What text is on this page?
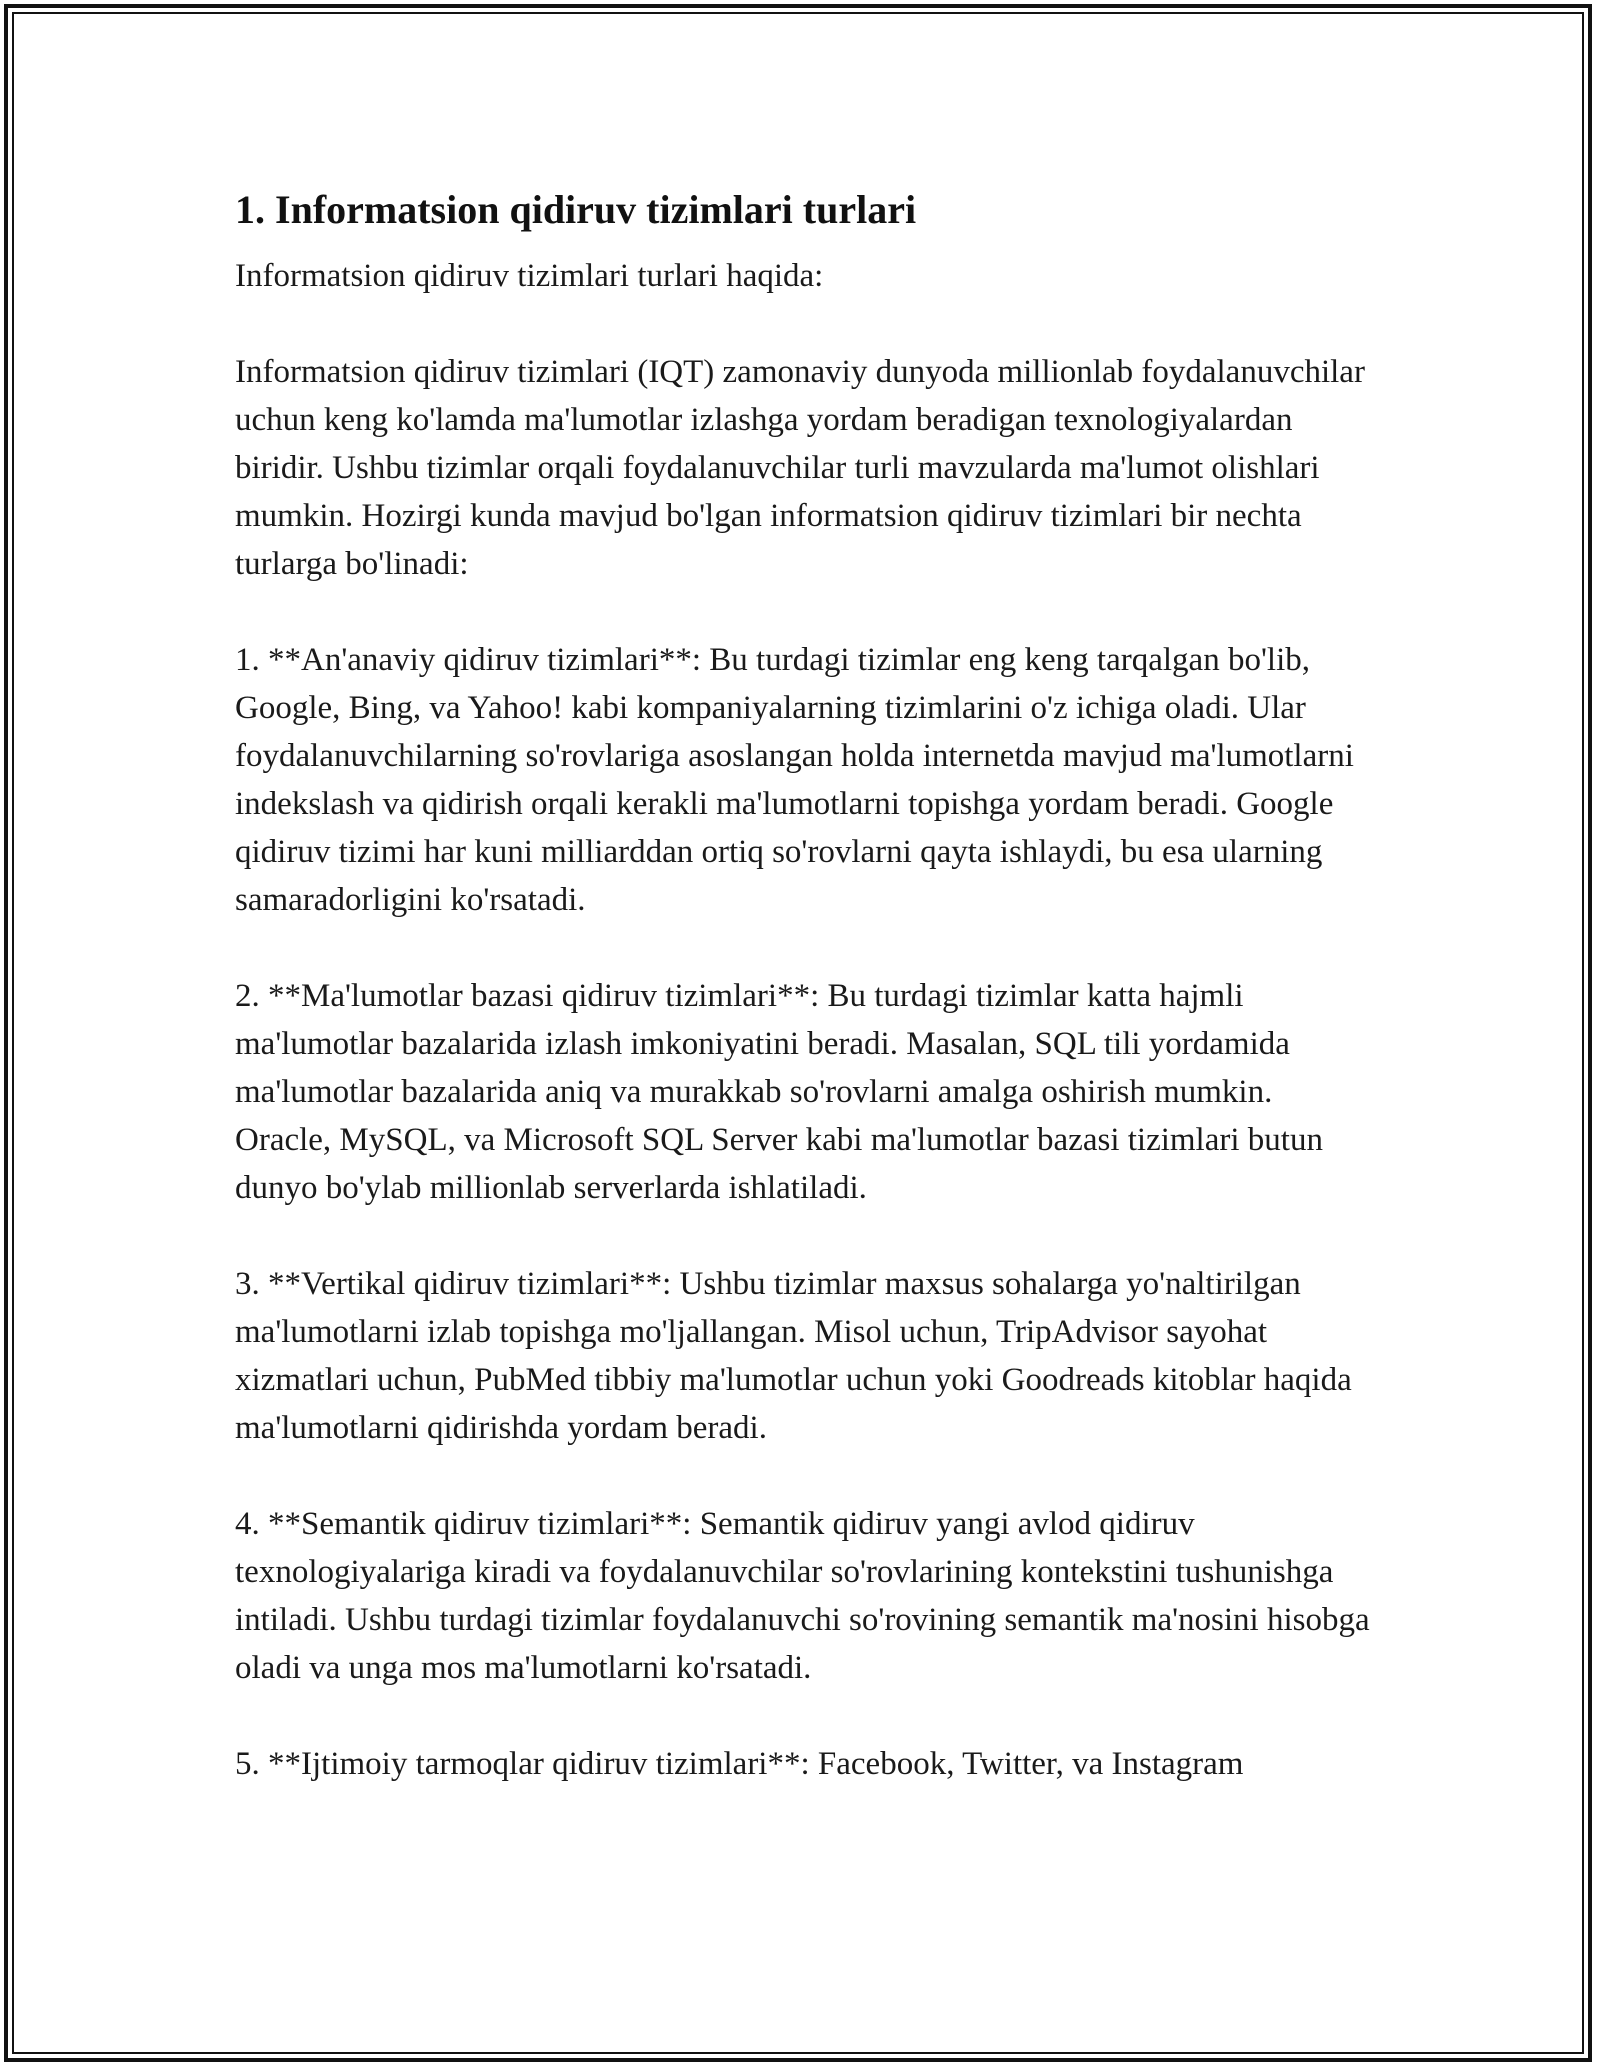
1. Informatsion qidiruv tizimlari turlari

Informatsion qidiruv tizimlari turlari haqida:

Informatsion qidiruv tizimlari (IQT) zamonaviy dunyoda millionlab foydalanuvchilar uchun keng ko'lamda ma'lumotlar izlashga yordam beradigan texnologiyalardan biridir. Ushbu tizimlar orqali foydalanuvchilar turli mavzularda ma'lumot olishlari mumkin. Hozirgi kunda mavjud bo'lgan informatsion qidiruv tizimlari bir nechta turlarga bo'linadi:

1. **An'anaviy qidiruv tizimlari**: Bu turdagi tizimlar eng keng tarqalgan bo'lib, Google, Bing, va Yahoo! kabi kompaniyalarning tizimlarini o'z ichiga oladi. Ular foydalanuvchilarning so'rovlariga asoslangan holda internetda mavjud ma'lumotlarni indekslash va qidirish orqali kerakli ma'lumotlarni topishga yordam beradi. Google qidiruv tizimi har kuni milliarddan ortiq so'rovlarni qayta ishlaydi, bu esa ularning samaradorligini ko'rsatadi.

2. **Ma'lumotlar bazasi qidiruv tizimlari**: Bu turdagi tizimlar katta hajmli ma'lumotlar bazalarida izlash imkoniyatini beradi. Masalan, SQL tili yordamida ma'lumotlar bazalarida aniq va murakkab so'rovlarni amalga oshirish mumkin. Oracle, MySQL, va Microsoft SQL Server kabi ma'lumotlar bazasi tizimlari butun dunyo bo'ylab millionlab serverlarda ishlatiladi.

3. **Vertikal qidiruv tizimlari**: Ushbu tizimlar maxsus sohalarga yo'naltirilgan ma'lumotlarni izlab topishga mo'ljallangan. Misol uchun, TripAdvisor sayohat xizmatlari uchun, PubMed tibbiy ma'lumotlar uchun yoki Goodreads kitoblar haqida ma'lumotlarni qidirishda yordam beradi.

4. **Semantik qidiruv tizimlari**: Semantik qidiruv yangi avlod qidiruv texnologiyalariga kiradi va foydalanuvchilar so'rovlarining kontekstini tushunishga intiladi. Ushbu turdagi tizimlar foydalanuvchi so'rovining semantik ma'nosini hisobga oladi va unga mos ma'lumotlarni ko'rsatadi.

5. **Ijtimoiy tarmoqlar qidiruv tizimlari**: Facebook, Twitter, va Instagram
